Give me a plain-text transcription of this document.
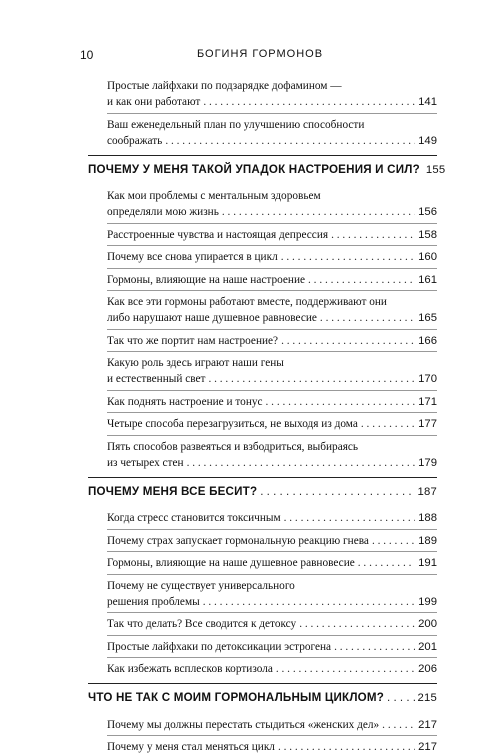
10	БОГИНЯ ГОРМОНОВ
Простые лайфхаки по подзарядке дофамином —
и как они работают . . .	141
Ваш еженедельный план по улучшению способности
соображать . . .	149
ПОЧЕМУ У МЕНЯ ТАКОЙ УПАДОК НАСТРОЕНИЯ И СИЛ? 155
Как мои проблемы с ментальным здоровьем
определяли мою жизнь . . .	156
Расстроенные чувства и настоящая депрессия . . .	158
Почему все снова упирается в цикл . . .	160
Гормоны, влияющие на наше настроение . . .	161
Как все эти гормоны работают вместе, поддерживают они
либо нарушают наше душевное равновесие . . .	165
Так что же портит нам настроение? . . .	166
Какую роль здесь играют наши гены
и естественный свет . . .	170
Как поднять настроение и тонус . . .	171
Четыре способа перезагрузиться, не выходя из дома . . .	177
Пять способов развеяться и взбодриться, выбираясь
из четырех стен . . .	179
ПОЧЕМУ МЕНЯ ВСЕ БЕСИТ? . . .	187
Когда стресс становится токсичным . . .	188
Почему страх запускает гормональную реакцию гнева . . .	189
Гормоны, влияющие на наше душевное равновесие . . .	191
Почему не существует универсального
решения проблемы . . .	199
Так что делать? Все сводится к детоксу . . .	200
Простые лайфхаки по детоксикации эстрогена . . .	201
Как избежать всплесков кортизола . . .	206
ЧТО НЕ ТАК С МОИМ ГОРМОНАЛЬНЫМ ЦИКЛОМ? . . .	215
Почему мы должны перестать стыдиться «женских дел» . . .	217
Почему у меня стал меняться цикл . . .	217
